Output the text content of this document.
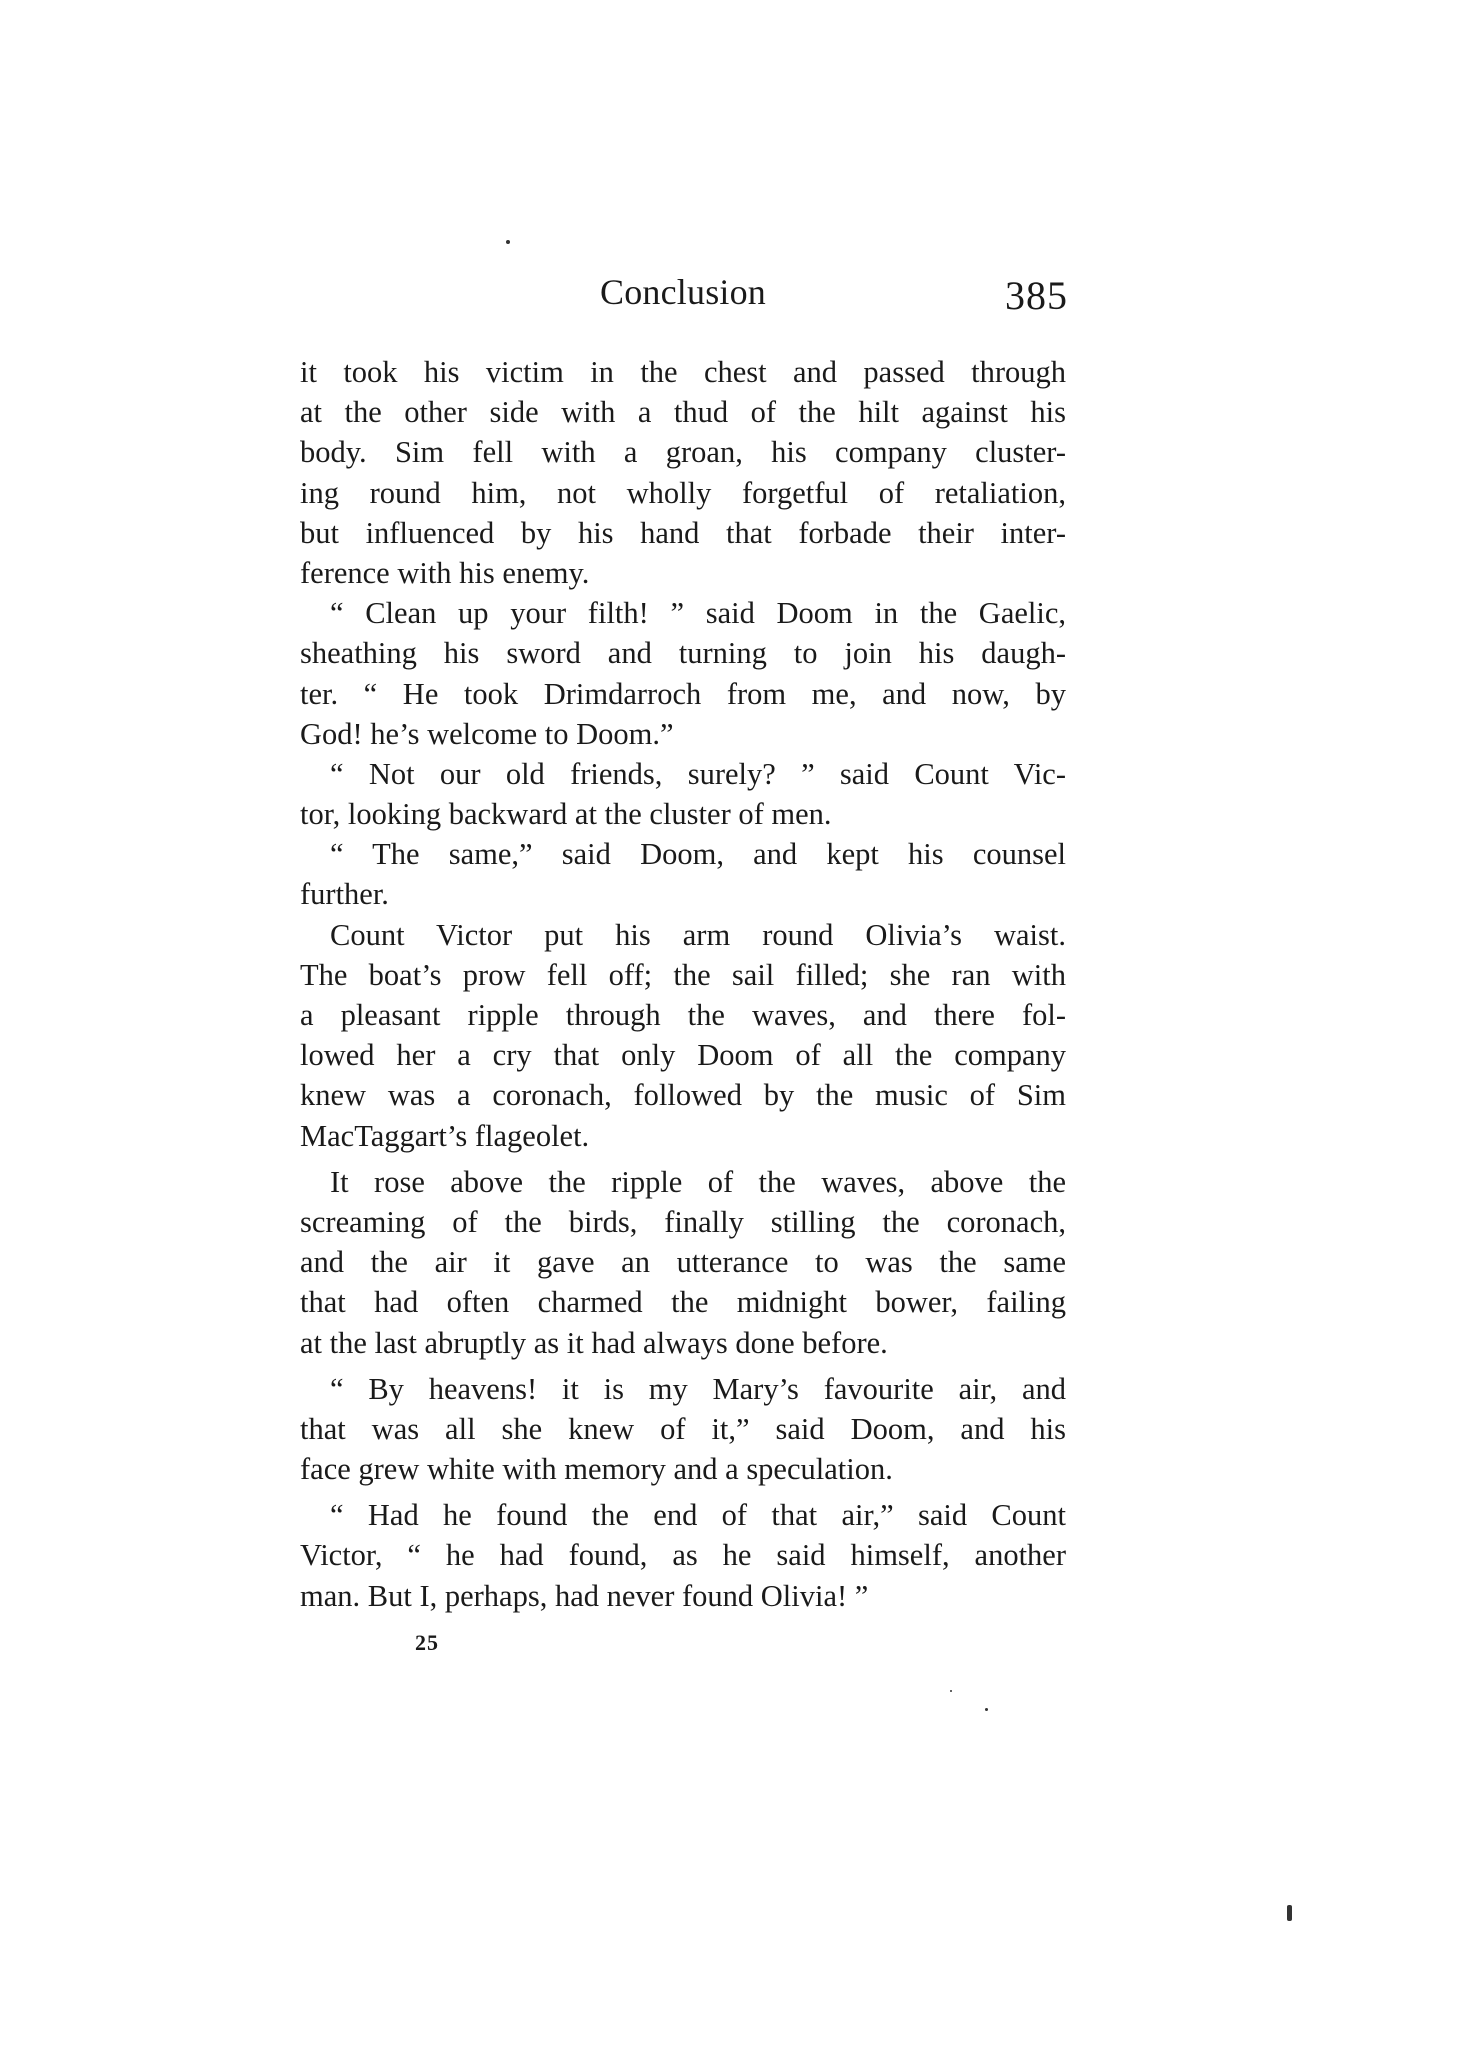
Conclusion	385
it took his victim in the chest and passed through
at the other side with a thud of the hilt against his
body. Sim fell with a groan, his company cluster-
ing round him, not wholly forgetful of retaliation,
but influenced by his hand that forbade their inter-
ference with his enemy.
“ Clean up your filth! ” said Doom in the Gaelic,
sheathing his sword and turning to join his daugh-
ter. “ He took Drimdarroch from me, and now, by
God! he’s welcome to Doom.”
“ Not our old friends, surely? ” said Count Vic-
tor, looking backward at the cluster of men.
“ The same,” said Doom, and kept his counsel
further.
Count Victor put his arm round Olivia’s waist.
The boat’s prow fell off; the sail filled; she ran with
a pleasant ripple through the waves, and there fol-
lowed her a cry that only Doom of all the company
knew was a coronach, followed by the music of Sim
MacTaggart’s flageolet.
It rose above the ripple of the waves, above the
screaming of the birds, finally stilling the coronach,
and the air it gave an utterance to was the same
that had often charmed the midnight bower, failing
at the last abruptly as it had always done before.
“ By heavens! it is my Mary’s favourite air, and
that was all she knew of it,” said Doom, and his
face grew white with memory and a speculation.
“ Had he found the end of that air,” said Count
Victor, “ he had found, as he said himself, another
man. But I, perhaps, had never found Olivia! ”
25
